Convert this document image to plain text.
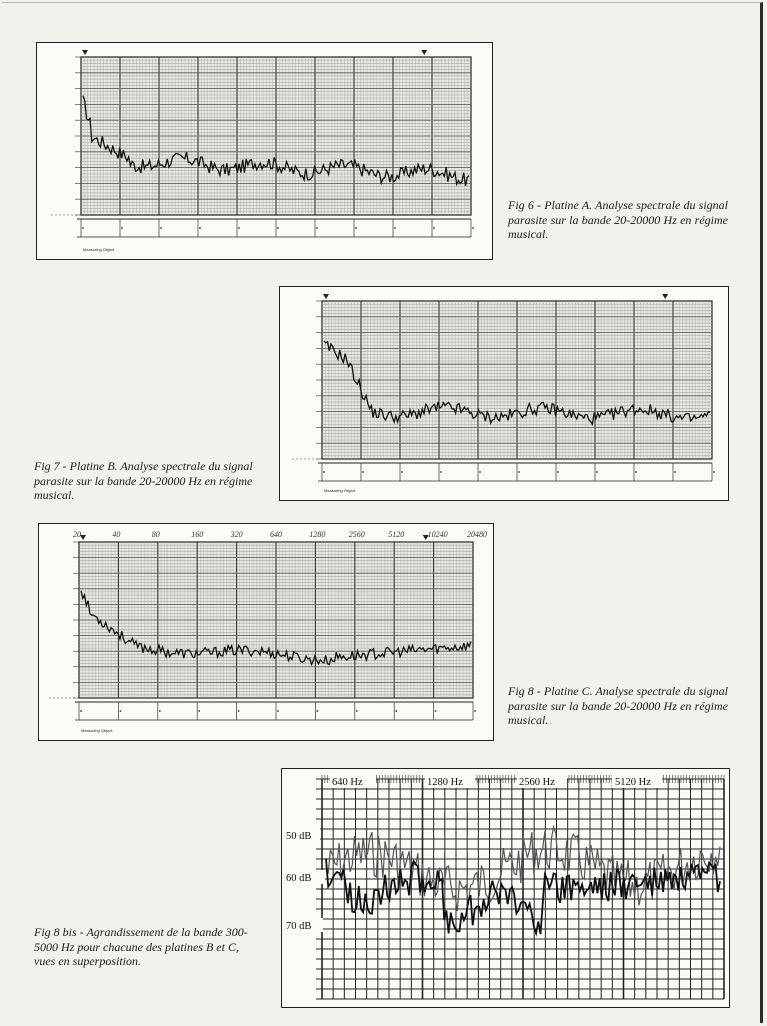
Measuring Object
Fig 6 - Platine A. Analyse spectrale du signal parasite sur la bande 20-20000 Hz en régime musical.
Measuring Object
Fig 7 - Platine B. Analyse spectrale du signal parasite sur la bande 20-20000 Hz en régime musical.
20	40	80	160	320	640	1280	2560	5120	10240 20480
Measuring Object
Fig 8 - Platine C. Analyse spectrale du signal parasite sur la bande 20-20000 Hz en régime musical.
640 Hz	1280 Hz	2560 Hz	5120 Hz
50 dB
60 dB
70 dB
Fig 8 bis - Agrandissement de la bande 300-5000 Hz pour chacune des platines B et C, vues en superposition.
